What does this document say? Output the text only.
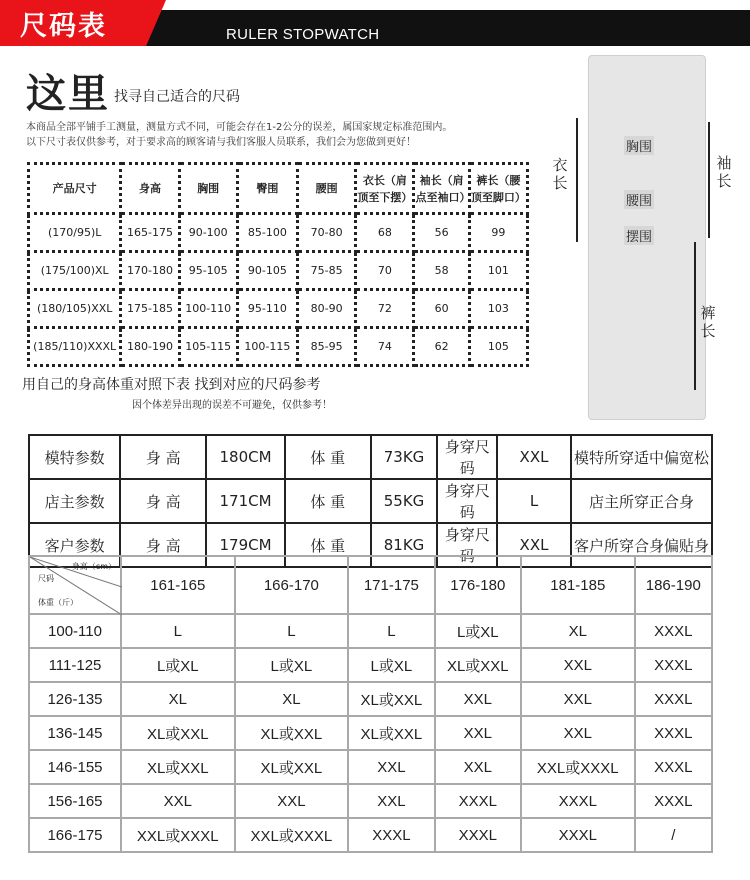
尺码表	RULER STOPWATCH
这里 找寻自己适合的尺码
本商品全部平铺手工测量，测量方式不同，可能会存在1-2公分的误差，属国家规定标准范围内。
以下尺寸表仅供参考，对于要求高的顾客请与我们客服人员联系，我们会为您做到更好！
产品尺寸	身高	胸围	臀围	腰围	衣长（肩 顶至下摆）	袖长（肩 点至袖口）	裤长（腰 顶至脚口）
(170/95)L	165-175	90-100	85-100	70-80	68	56	99
(175/100)XL	170-180	95-105	90-105	75-85	70	58	101
(180/105)XXL	175-185	100-110	95-110	80-90	72	60	103
(185/110)XXXL	180-190	105-115	100-115	85-95	74	62	105
用自己的身高体重对照下表 找到对应的尺码参考
因个体差异出现的误差不可避免，仅供参考！
胸围
腰围
摆围
衣长
袖长
裤长
模特参数	身 高	180CM	体 重	73KG	身穿尺码	XXL	模特所穿适中偏宽松
店主参数	身 高	171CM	体 重	55KG	身穿尺码	L	店主所穿正合身
客户参数	身 高	179CM	体 重	81KG	身穿尺码	XXL	客户所穿合身偏贴身
身高（cm）
尺码
体重（斤）	161-165	166-170	171-175	176-180	181-185	186-190
100-110	L	L	L	L或XL	XL	XXXL
111-125	L或XL	L或XL	L或XL	XL或XXL	XXL	XXXL
126-135	XL	XL	XL或XXL	XXL	XXL	XXXL
136-145	XL或XXL	XL或XXL	XL或XXL	XXL	XXL	XXXL
146-155	XL或XXL	XL或XXL	XXL	XXL	XXL或XXXL	XXXL
156-165	XXL	XXL	XXL	XXXL	XXXL	XXXL
166-175	XXL或XXXL	XXL或XXXL	XXXL	XXXL	XXXL	/
